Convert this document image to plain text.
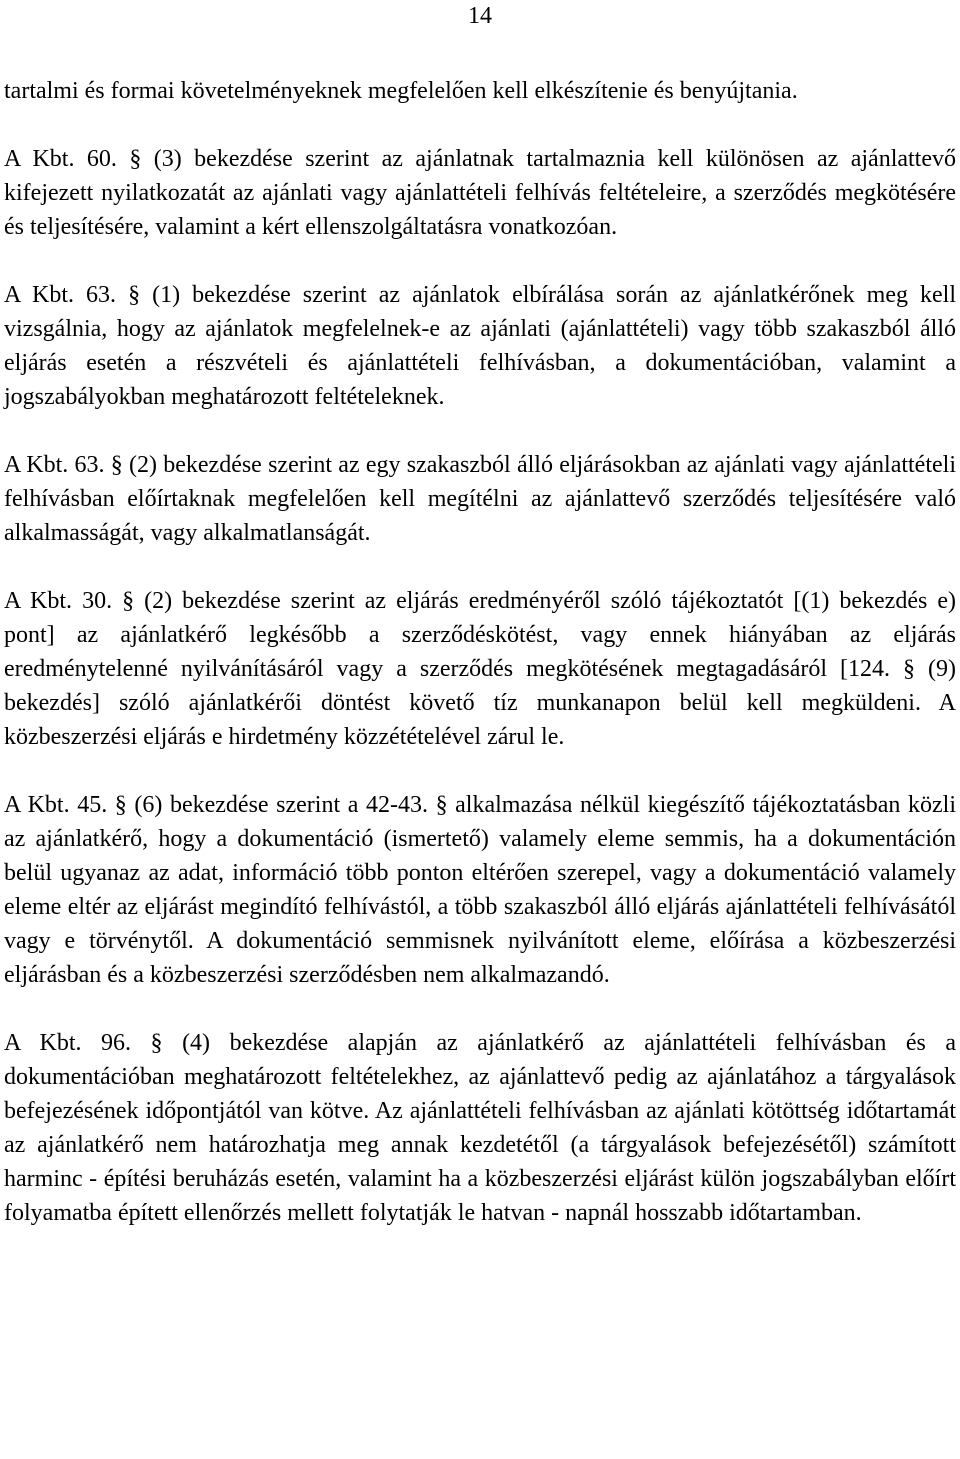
14

tartalmi és formai követelményeknek megfelelően kell elkészítenie és benyújtania.

A Kbt. 60. § (3) bekezdése szerint az ajánlatnak tartalmaznia kell különösen az ajánlattevő kifejezett nyilatkozatát az ajánlati vagy ajánlattételi felhívás feltételeire, a szerződés megkötésére és teljesítésére, valamint a kért ellenszolgáltatásra vonatkozóan.

A Kbt. 63. § (1) bekezdése szerint az ajánlatok elbírálása során az ajánlatkérőnek meg kell vizsgálnia, hogy az ajánlatok megfelelnek-e az ajánlati (ajánlattételi) vagy több szakaszból álló eljárás esetén a részvételi és ajánlattételi felhívásban, a dokumentációban, valamint a jogszabályokban meghatározott feltételeknek.

A Kbt. 63. § (2) bekezdése szerint az egy szakaszból álló eljárásokban az ajánlati vagy ajánlattételi felhívásban előírtaknak megfelelően kell megítélni az ajánlattevő szerződés teljesítésére való alkalmasságát, vagy alkalmatlanságát.

A Kbt. 30. § (2) bekezdése szerint az eljárás eredményéről szóló tájékoztatót [(1) bekezdés e) pont] az ajánlatkérő legkésőbb a szerződéskötést, vagy ennek hiányában az eljárás eredménytelenné nyilvánításáról vagy a szerződés megkötésének megtagadásáról [124. § (9) bekezdés] szóló ajánlatkérői döntést követő tíz munkanapon belül kell megküldeni. A közbeszerzési eljárás e hirdetmény közzétételével zárul le.

A Kbt. 45. § (6) bekezdése szerint a 42-43. § alkalmazása nélkül kiegészítő tájékoztatásban közli az ajánlatkérő, hogy a dokumentáció (ismertető) valamely eleme semmis, ha a dokumentáción belül ugyanaz az adat, információ több ponton eltérően szerepel, vagy a dokumentáció valamely eleme eltér az eljárást megindító felhívástól, a több szakaszból álló eljárás ajánlattételi felhívásától vagy e törvénytől. A dokumentáció semmisnek nyilvánított eleme, előírása a közbeszerzési eljárásban és a közbeszerzési szerződésben nem alkalmazandó.

A Kbt. 96. § (4) bekezdése alapján az ajánlatkérő az ajánlattételi felhívásban és a dokumentációban meghatározott feltételekhez, az ajánlattevő pedig az ajánlatához a tárgyalások befejezésének időpontjától van kötve. Az ajánlattételi felhívásban az ajánlati kötöttség időtartamát az ajánlatkérő nem határozhatja meg annak kezdetétől (a tárgyalások befejezésétől) számított harminc - építési beruházás esetén, valamint ha a közbeszerzési eljárást külön jogszabályban előírt folyamatba épített ellenőrzés mellett folytatják le hatvan - napnál hosszabb időtartamban.
